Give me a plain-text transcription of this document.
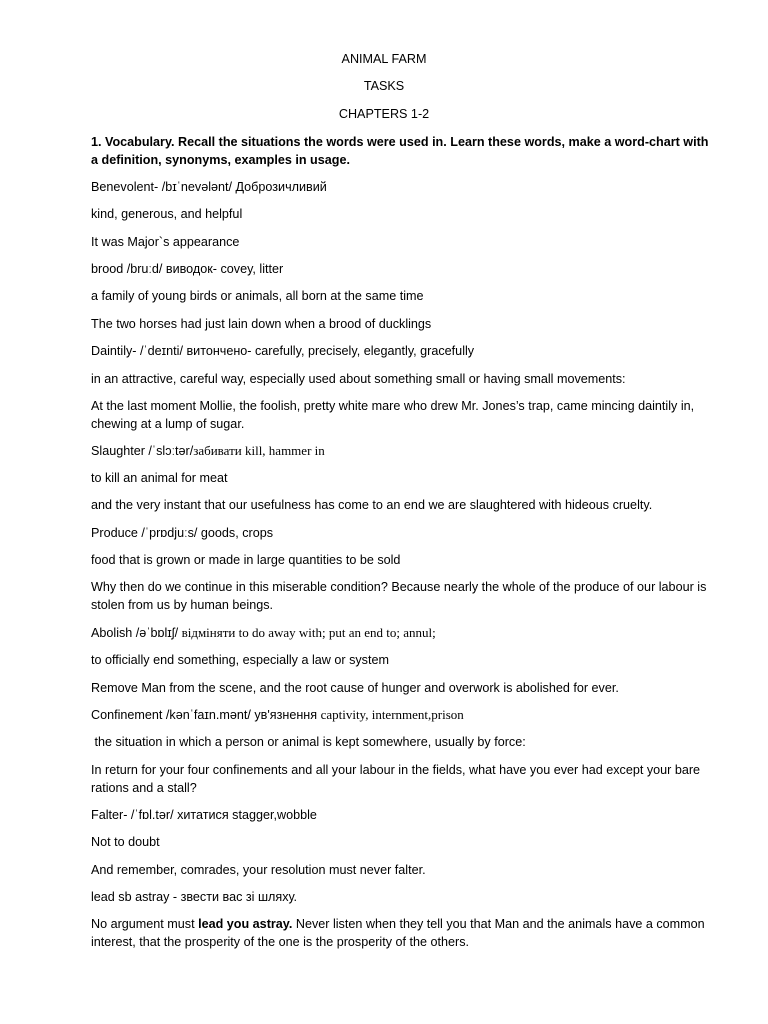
ANIMAL FARM
TASKS
CHAPTERS 1-2
1. Vocabulary. Recall the situations the words were used in. Learn these words, make a word-chart with a definition, synonyms, examples in usage.
Benevolent- /bɪˈnevələnt/ Доброзичливий
kind, generous, and helpful
It was Major`s appearance
brood /bruːd/ виводок- covey, litter
a family of young birds or animals, all born at the same time
The two horses had just lain down when a brood of ducklings
Daintily- /ˈdeɪnti/ витончено- carefully, precisely, elegantly, gracefully
in an attractive, careful way, especially used about something small or having small movements:
At the last moment Mollie, the foolish, pretty white mare who drew Mr. Jones’s trap, came mincing daintily in, chewing at a lump of sugar.
Slaughter /ˈslɔːtər/забивати kill, hammer in
to kill an animal for meat
and the very instant that our usefulness has come to an end we are slaughtered with hideous cruelty.
Produce /ˈprɒdjuːs/ goods, crops
food that is grown or made in large quantities to be sold
Why then do we continue in this miserable condition? Because nearly the whole of the produce of our labour is stolen from us by human beings.
Abolish /əˈbɒlɪʃ/ відміняти to do away with; put an end to; annul;
to officially end something, especially a law or system
Remove Man from the scene, and the root cause of hunger and overwork is abolished for ever.
Confinement /kənˈfaɪn.mənt/ ув'язнення captivity, internment,prison
the situation in which a person or animal is kept somewhere, usually by force:
In return for your four confinements and all your labour in the fields, what have you ever had except your bare rations and a stall?
Falter- /ˈfɒl.tər/ хитатися stagger,wobble
Not to doubt
And remember, comrades, your resolution must never falter.
lead sb astray - звести вас зі шляху.
No argument must lead you astray. Never listen when they tell you that Man and the animals have a common interest, that the prosperity of the one is the prosperity of the others.
